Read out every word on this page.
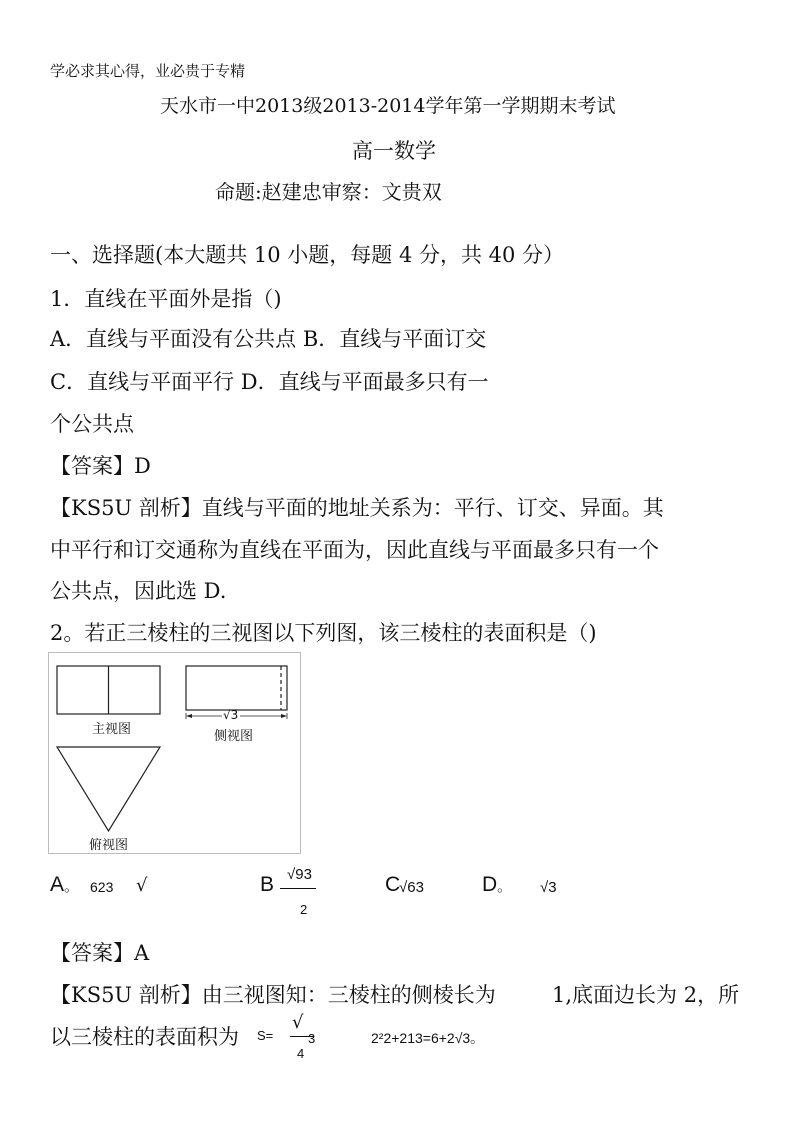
学必求其心得，业必贵于专精
天水市一中2013级2013-2014学年第一学期期末考试
高一数学
命题:赵建忠审察：文贵双
一、选择题(本大题共 10 小题，每题 4 分，共 40 分）
1．直线在平面外是指（)
A．直线与平面没有公共点 B．直线与平面订交
C．直线与平面平行 D．直线与平面最多只有一
个公共点
【答案】D
【KS5U 剖析】直线与平面的地址关系为：平行、订交、异面。其
中平行和订交通称为直线在平面为，因此直线与平面最多只有一个
公共点，因此选 D.
2。若正三棱柱的三视图以下列图，该三棱柱的表面积是（)
主视图
√3
侧视图
俯视图
A。 623 √	B √93
2
C
√63	D。 √3
【答案】A
【KS5U 剖析】由三视图知：三棱柱的侧棱长为	1,底面边长为 2，所
以三棱柱的表面积为 S=
√
3
4
2²2+213=6+2√3。
